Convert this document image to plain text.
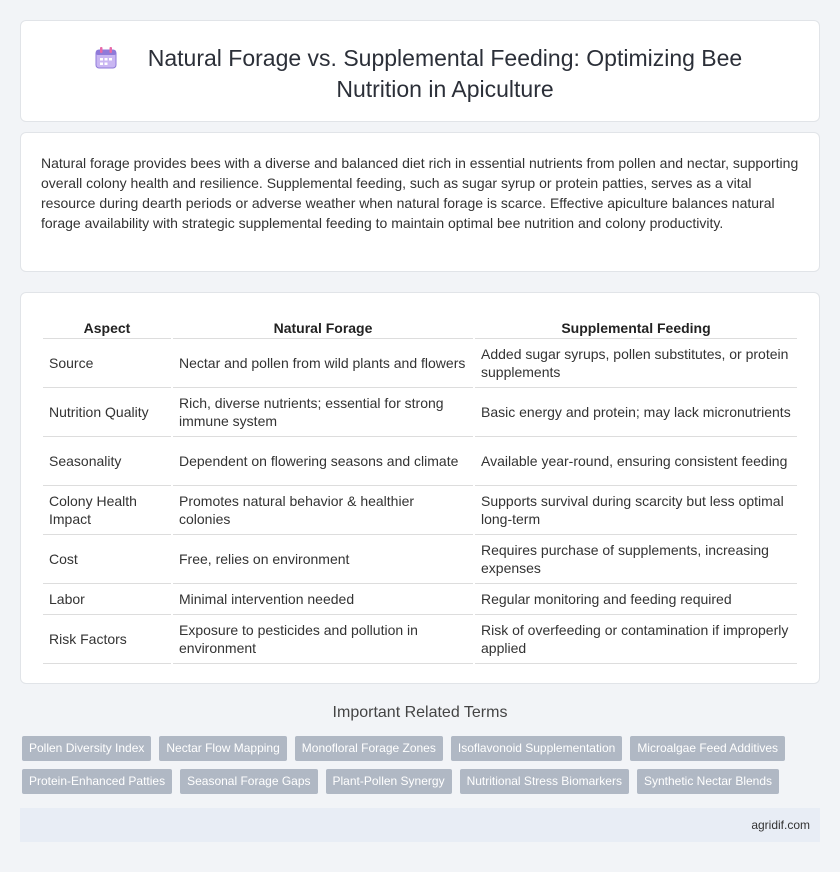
Natural Forage vs. Supplemental Feeding: Optimizing Bee Nutrition in Apiculture

Natural forage provides bees with a diverse and balanced diet rich in essential nutrients from pollen and nectar, supporting overall colony health and resilience. Supplemental feeding, such as sugar syrup or protein patties, serves as a vital resource during dearth periods or adverse weather when natural forage is scarce. Effective apiculture balances natural forage availability with strategic supplemental feeding to maintain optimal bee nutrition and colony productivity.

Aspect	Natural Forage	Supplemental Feeding
Source	Nectar and pollen from wild plants and flowers	Added sugar syrups, pollen substitutes, or protein supplements
Nutrition Quality	Rich, diverse nutrients; essential for strong immune system	Basic energy and protein; may lack micronutrients
Seasonality	Dependent on flowering seasons and climate	Available year-round, ensuring consistent feeding
Colony Health Impact	Promotes natural behavior & healthier colonies	Supports survival during scarcity but less optimal long-term
Cost	Free, relies on environment	Requires purchase of supplements, increasing expenses
Labor	Minimal intervention needed	Regular monitoring and feeding required
Risk Factors	Exposure to pesticides and pollution in environment	Risk of overfeeding or contamination if improperly applied
Important Related Terms
Pollen Diversity Index	Nectar Flow Mapping	Monofloral Forage Zones	Isoflavonoid Supplementation	Microalgae Feed Additives
Protein-Enhanced Patties	Seasonal Forage Gaps	Plant-Pollen Synergy	Nutritional Stress Biomarkers	Synthetic Nectar Blends
agridif.com
